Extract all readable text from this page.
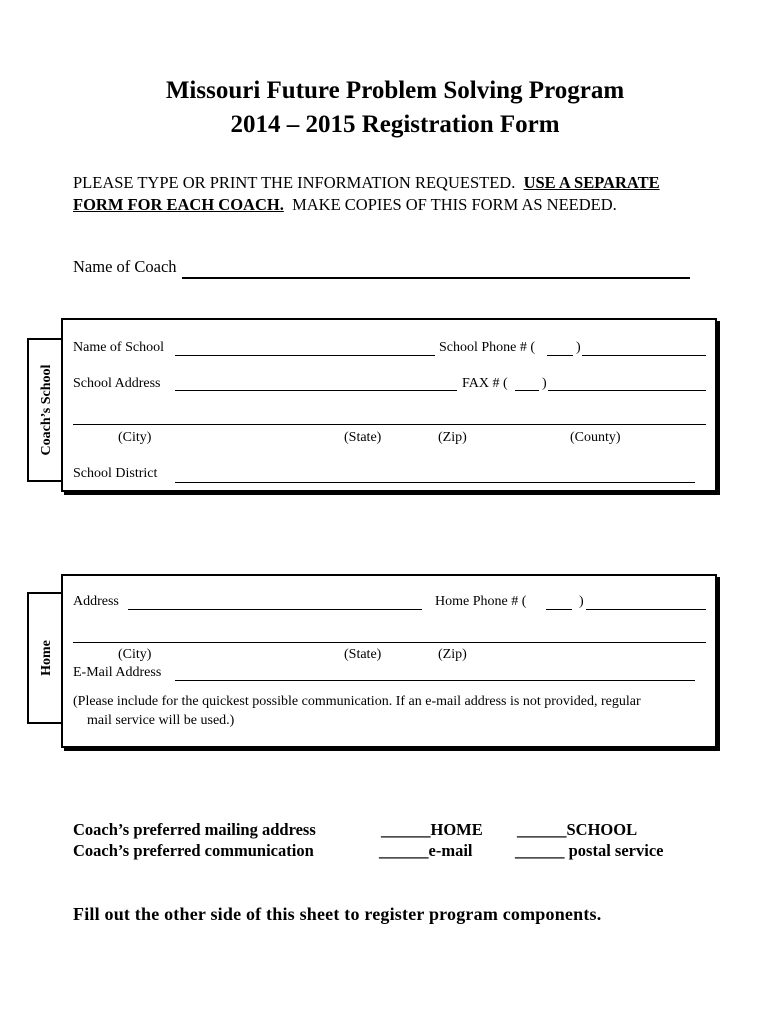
Missouri Future Problem Solving Program
2014 – 2015 Registration Form
PLEASE TYPE OR PRINT THE INFORMATION REQUESTED. USE A SEPARATE
FORM FOR EACH COACH. MAKE COPIES OF THIS FORM AS NEEDED.
Name of Coach
Coach’s School
Name of School	School Phone # (	)
School Address	FAX # ( )
(City)	(State)	(Zip)	(County)
School District
Home
Address	Home Phone # (	)
(City)	(State)	(Zip)
E-Mail Address
(Please include for the quickest possible communication. If an e-mail address is not provided, regular
mail service will be used.)
Coach’s preferred mailing address	______HOME ______SCHOOL
Coach’s preferred communication	______e-mail	______ postal service
Fill out the other side of this sheet to register program components.
